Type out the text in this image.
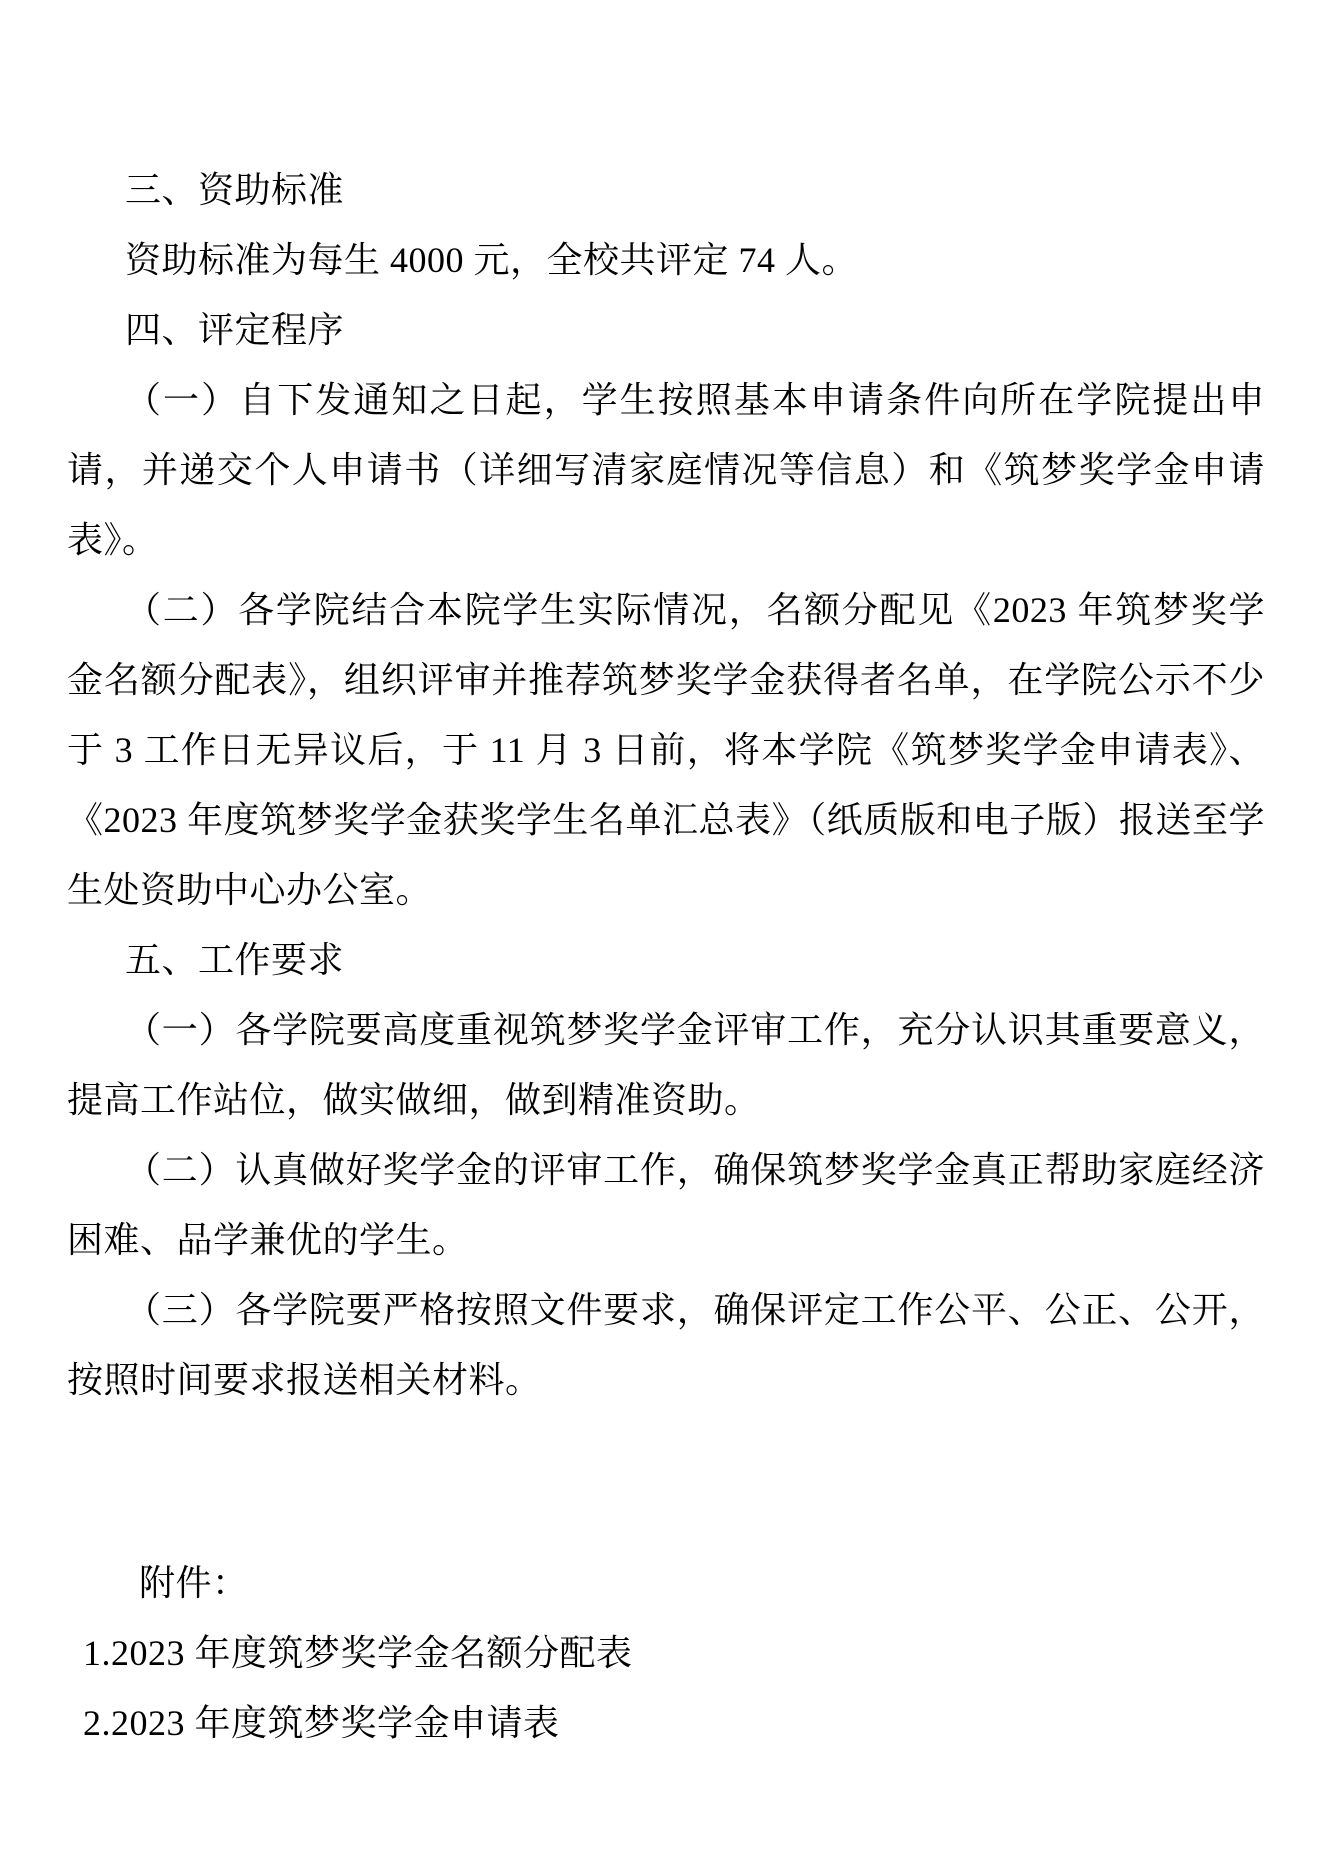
三、资助标准

资助标准为每生 4000 元，全校共评定 74 人。

四、评定程序

（一）自下发通知之日起，学生按照基本申请条件向所在学院提出申请，并递交个人申请书（详细写清家庭情况等信息）和《筑梦奖学金申请表》。

（二）各学院结合本院学生实际情况，名额分配见《2023 年筑梦奖学金名额分配表》，组织评审并推荐筑梦奖学金获得者名单，在学院公示不少于 3 工作日无异议后，于 11 月 3 日前，将本学院《筑梦奖学金申请表》、《2023 年度筑梦奖学金获奖学生名单汇总表》（纸质版和电子版）报送至学生处资助中心办公室。

五、工作要求

（一）各学院要高度重视筑梦奖学金评审工作，充分认识其重要意义，提高工作站位，做实做细，做到精准资助。

（二）认真做好奖学金的评审工作，确保筑梦奖学金真正帮助家庭经济困难、品学兼优的学生。

（三）各学院要严格按照文件要求，确保评定工作公平、公正、公开，按照时间要求报送相关材料。

附件：

1.2023 年度筑梦奖学金名额分配表

2.2023 年度筑梦奖学金申请表
